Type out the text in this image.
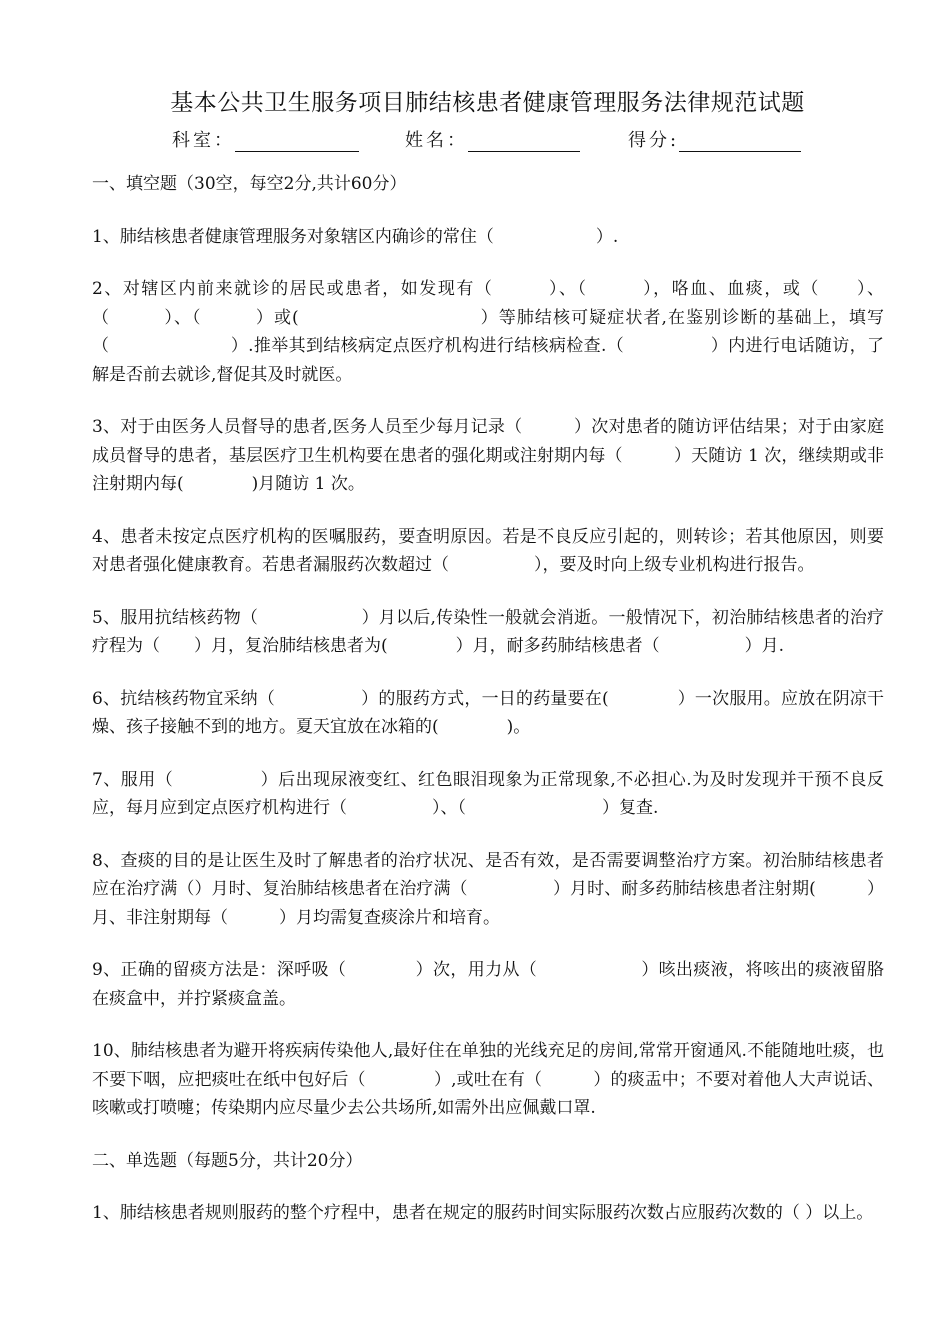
基本公共卫生服务项目肺结核患者健康管理服务法律规范试题
科室：	姓名：	得分:

一、填空题（30空，每空2分,共计60分）

1、肺结核患者健康管理服务对象辖区内确诊的常住（　　　　　　）.

2、对辖区内前来就诊的居民或患者，如发现有（　　　）、（　　　），咯血、血痰，或（　　）、（　　　）、（　　　）或(　　　　　　　　　　）等肺结核可疑症状者,在鉴别诊断的基础上，填写（　　　　　　　）.推举其到结核病定点医疗机构进行结核病检查.（　　　　　）内进行电话随访，了解是否前去就诊,督促其及时就医。

3、对于由医务人员督导的患者,医务人员至少每月记录（　　　）次对患者的随访评估结果；对于由家庭成员督导的患者，基层医疗卫生机构要在患者的强化期或注射期内每（　　　）天随访 1 次，继续期或非注射期内每(　　　　)月随访 1 次。

4、患者未按定点医疗机构的医嘱服药，要查明原因。若是不良反应引起的，则转诊；若其他原因，则要对患者强化健康教育。若患者漏服药次数超过（　　　　　），要及时向上级专业机构进行报告。

5、服用抗结核药物（　　　　　　）月以后,传染性一般就会消逝。一般情况下，初治肺结核患者的治疗疗程为（　　）月，复治肺结核患者为(　　　　）月，耐多药肺结核患者（　　　　　）月.

6、抗结核药物宜采纳（　　　　　）的服药方式，一日的药量要在(　　　　）一次服用。应放在阴凉干燥、孩子接触不到的地方。夏天宜放在冰箱的(　　　　)。

7、服用（　　　　　）后出现尿液变红、红色眼泪现象为正常现象,不必担心.为及时发现并干预不良反应，每月应到定点医疗机构进行（　　　　　）、（　　　　　　　　）复查.

8、查痰的目的是让医生及时了解患者的治疗状况、是否有效，是否需要调整治疗方案。初治肺结核患者应在治疗满（）月时、复治肺结核患者在治疗满（　　　　　）月时、耐多药肺结核患者注射期(　　　）月、非注射期每（　　　）月均需复查痰涂片和培育。

9、正确的留痰方法是：深呼吸（　　　　）次，用力从（　　　　　　）咳出痰液，将咳出的痰液留胳在痰盒中，并拧紧痰盒盖。

10、肺结核患者为避开将疾病传染他人,最好住在单独的光线充足的房间,常常开窗通风.不能随地吐痰，也不要下咽，应把痰吐在纸中包好后（　　　　）,或吐在有（　　　）的痰盂中；不要对着他人大声说话、咳嗽或打喷嚏；传染期内应尽量少去公共场所,如需外出应佩戴口罩.

二、单选题（每题5分，共计20分）

1、肺结核患者规则服药的整个疗程中，患者在规定的服药时间实际服药次数占应服药次数的（ ）以上。
